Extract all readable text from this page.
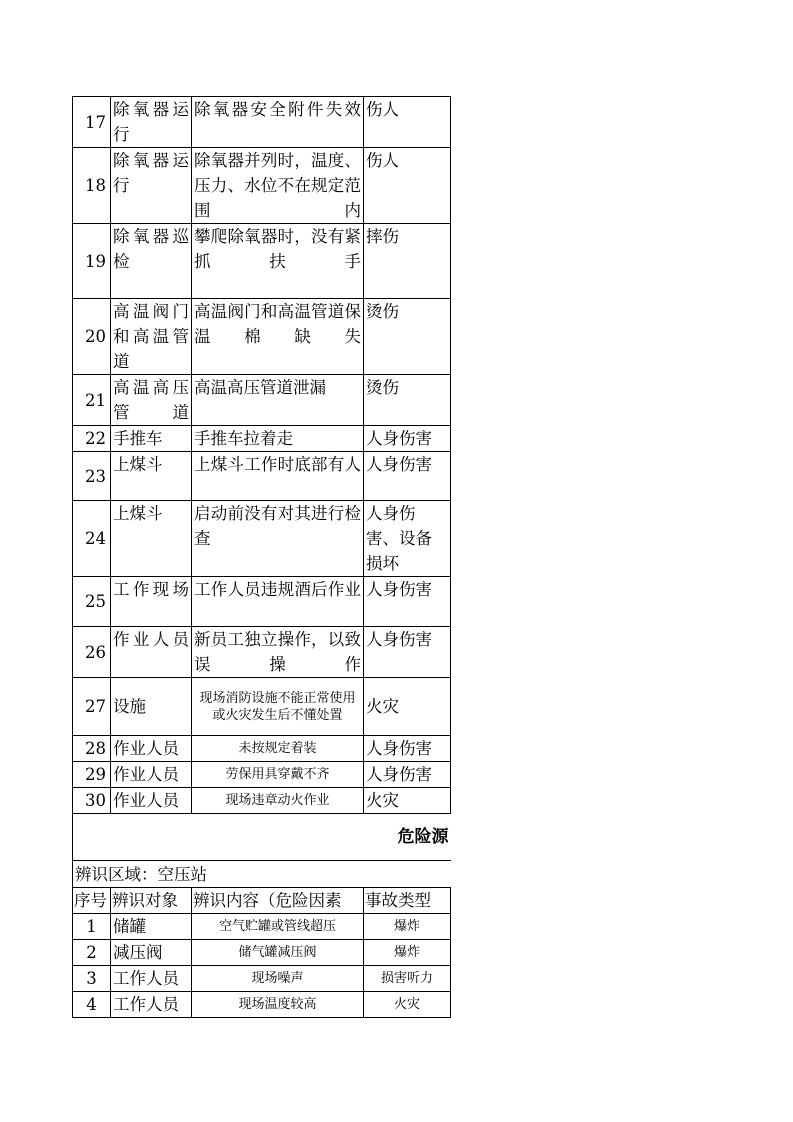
17	除氧器运行	除氧器安全附件失效	伤人
18	除氧器运行	除氧器并列时，温度、压力、水位不在规定范围内	伤人
19	除氧器巡检	攀爬除氧器时，没有紧抓扶手	摔伤
20	高温阀门和高温管道	高温阀门和高温管道保温棉缺失	烫伤
21	高温高压管道	高温高压管道泄漏	烫伤
22	手推车	手推车拉着走	人身伤害
23	上煤斗	上煤斗工作时底部有人	人身伤害
24	上煤斗	启动前没有对其进行检查	人身伤害、设备损坏
25	工作现场	工作人员违规酒后作业	人身伤害
26	作业人员	新员工独立操作，以致误操作	人身伤害
27	设施	现场消防设施不能正常使用或火灾发生后不懂处置	火灾
28	作业人员	未按规定着装	人身伤害
29	作业人员	劳保用具穿戴不齐	人身伤害
30	作业人员	现场违章动火作业	火灾
危险源			
辨识区域：空压站			
序号	辨识对象	辨识内容（危险因素	事故类型
1	储罐	空气贮罐或管线超压	爆炸
2	减压阀	储气罐减压阀	爆炸
3	工作人员	现场噪声	损害听力
4	工作人员	现场温度较高	火灾
